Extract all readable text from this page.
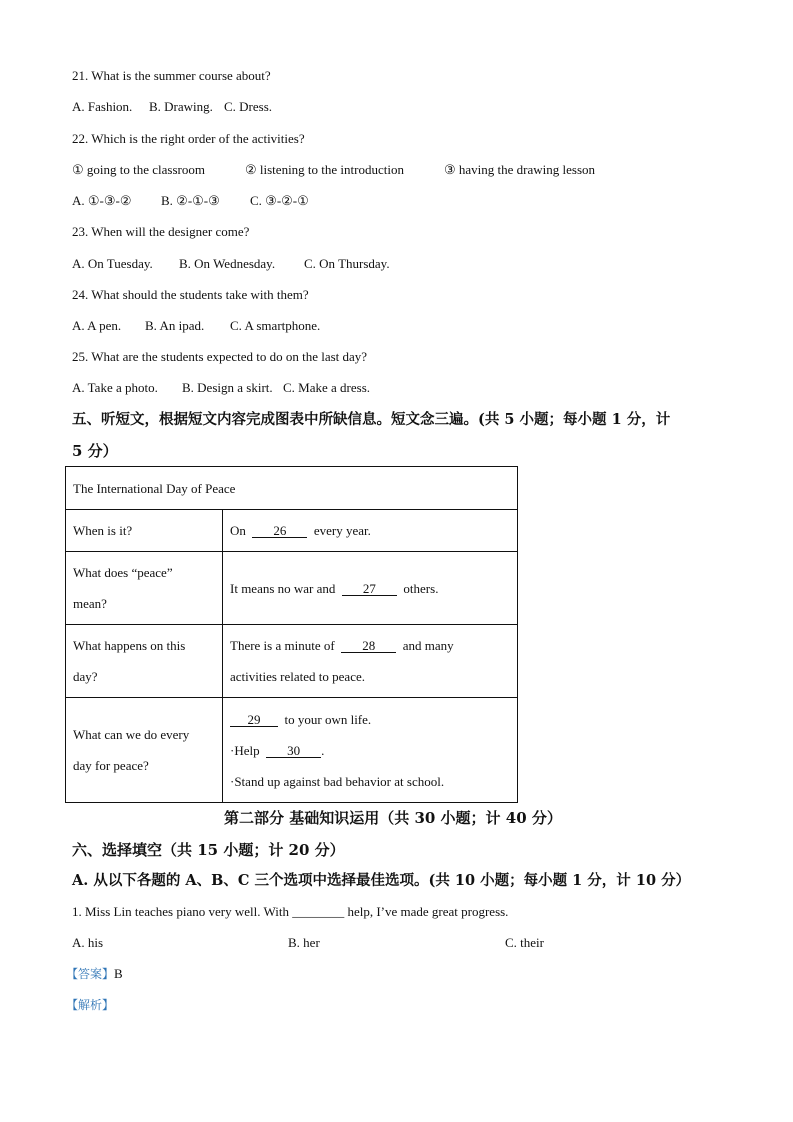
21. What is the summer course about?
A. Fashion. B. Drawing. C. Dress.
22. Which is the right order of the activities?
① going to the classroom	② listening to the introduction	③ having the drawing lesson
A. ①-③-② B. ②-①-③ C. ③-②-①
23. When will the designer come?
A. On Tuesday. B. On Wednesday. C. On Thursday.
24. What should the students take with them?
A. A pen. B. An ipad. C. A smartphone.
25. What are the students expected to do on the last day?
A. Take a photo. B. Design a skirt. C. Make a dress.
五、听短文，根据短文内容完成图表中所缺信息。短文念三遍。(共 5 小题；每小题 1 分，计
5 分）
The International Day of Peace	
When is it?	On 26 every year.
What does “peace”
mean?	It means no war and 27 others.
What happens on this
day?	There is a minute of 28 and many
activities related to peace.
What can we do every
day for peace?	29 to your own life.
·Help 30 .
·Stand up against bad behavior at school.
第二部分 基础知识运用（共 30 小题；计 40 分）
六、选择填空（共 15 小题；计 20 分）
A. 从以下各题的 A、B、C 三个选项中选择最佳选项。(共 10 小题；每小题 1 分，计 10 分）
1. Miss Lin teaches piano very well. With ________ help, I’ve made great progress.
A. his	B. her	C. their
【答案】B
【解析】
